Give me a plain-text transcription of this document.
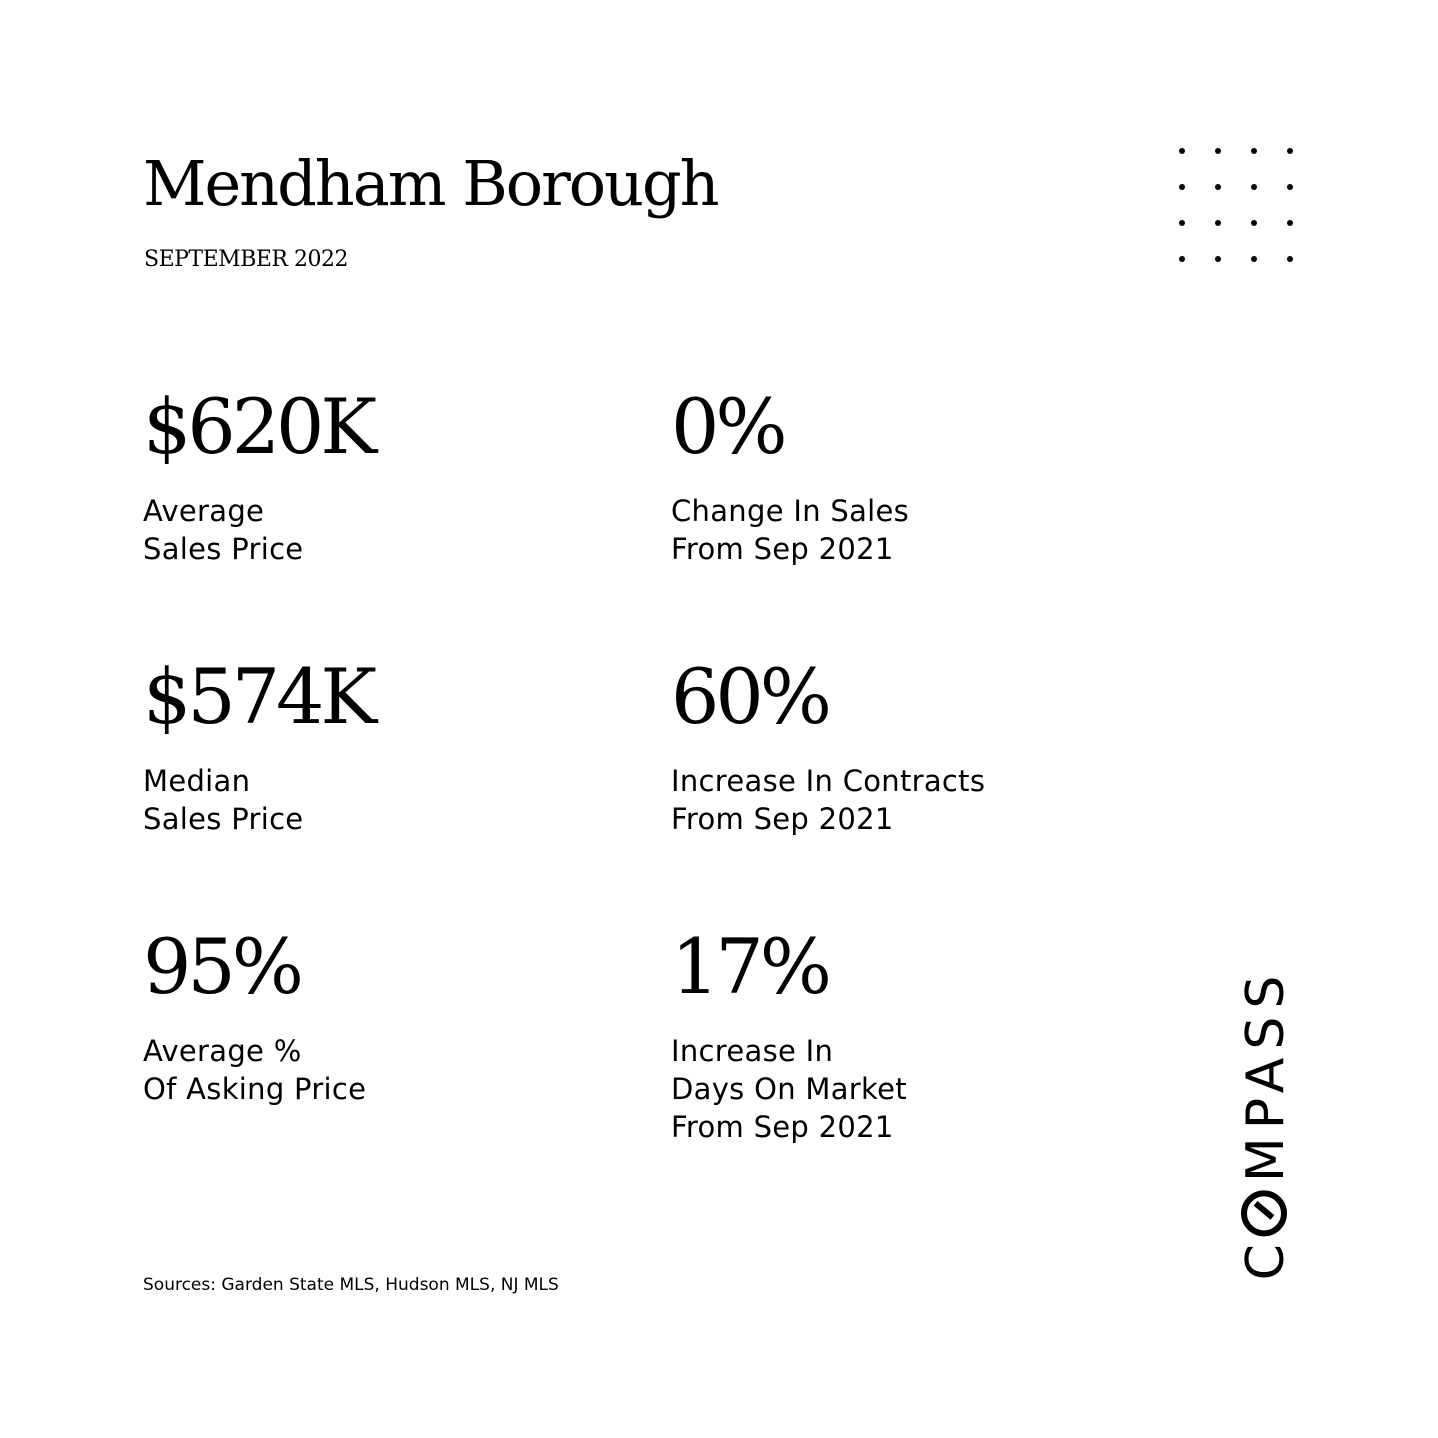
Mendham Borough
SEPTEMBER 2022
$620K
Average
Sales Price
0%
Change In Sales
From Sep 2021
$574K
Median
Sales Price
60%
Increase In Contracts
From Sep 2021
95%
Average %
Of Asking Price
17%
Increase In
Days On Market
From Sep 2021
Sources: Garden State MLS, Hudson MLS, NJ MLS
CMPASS
